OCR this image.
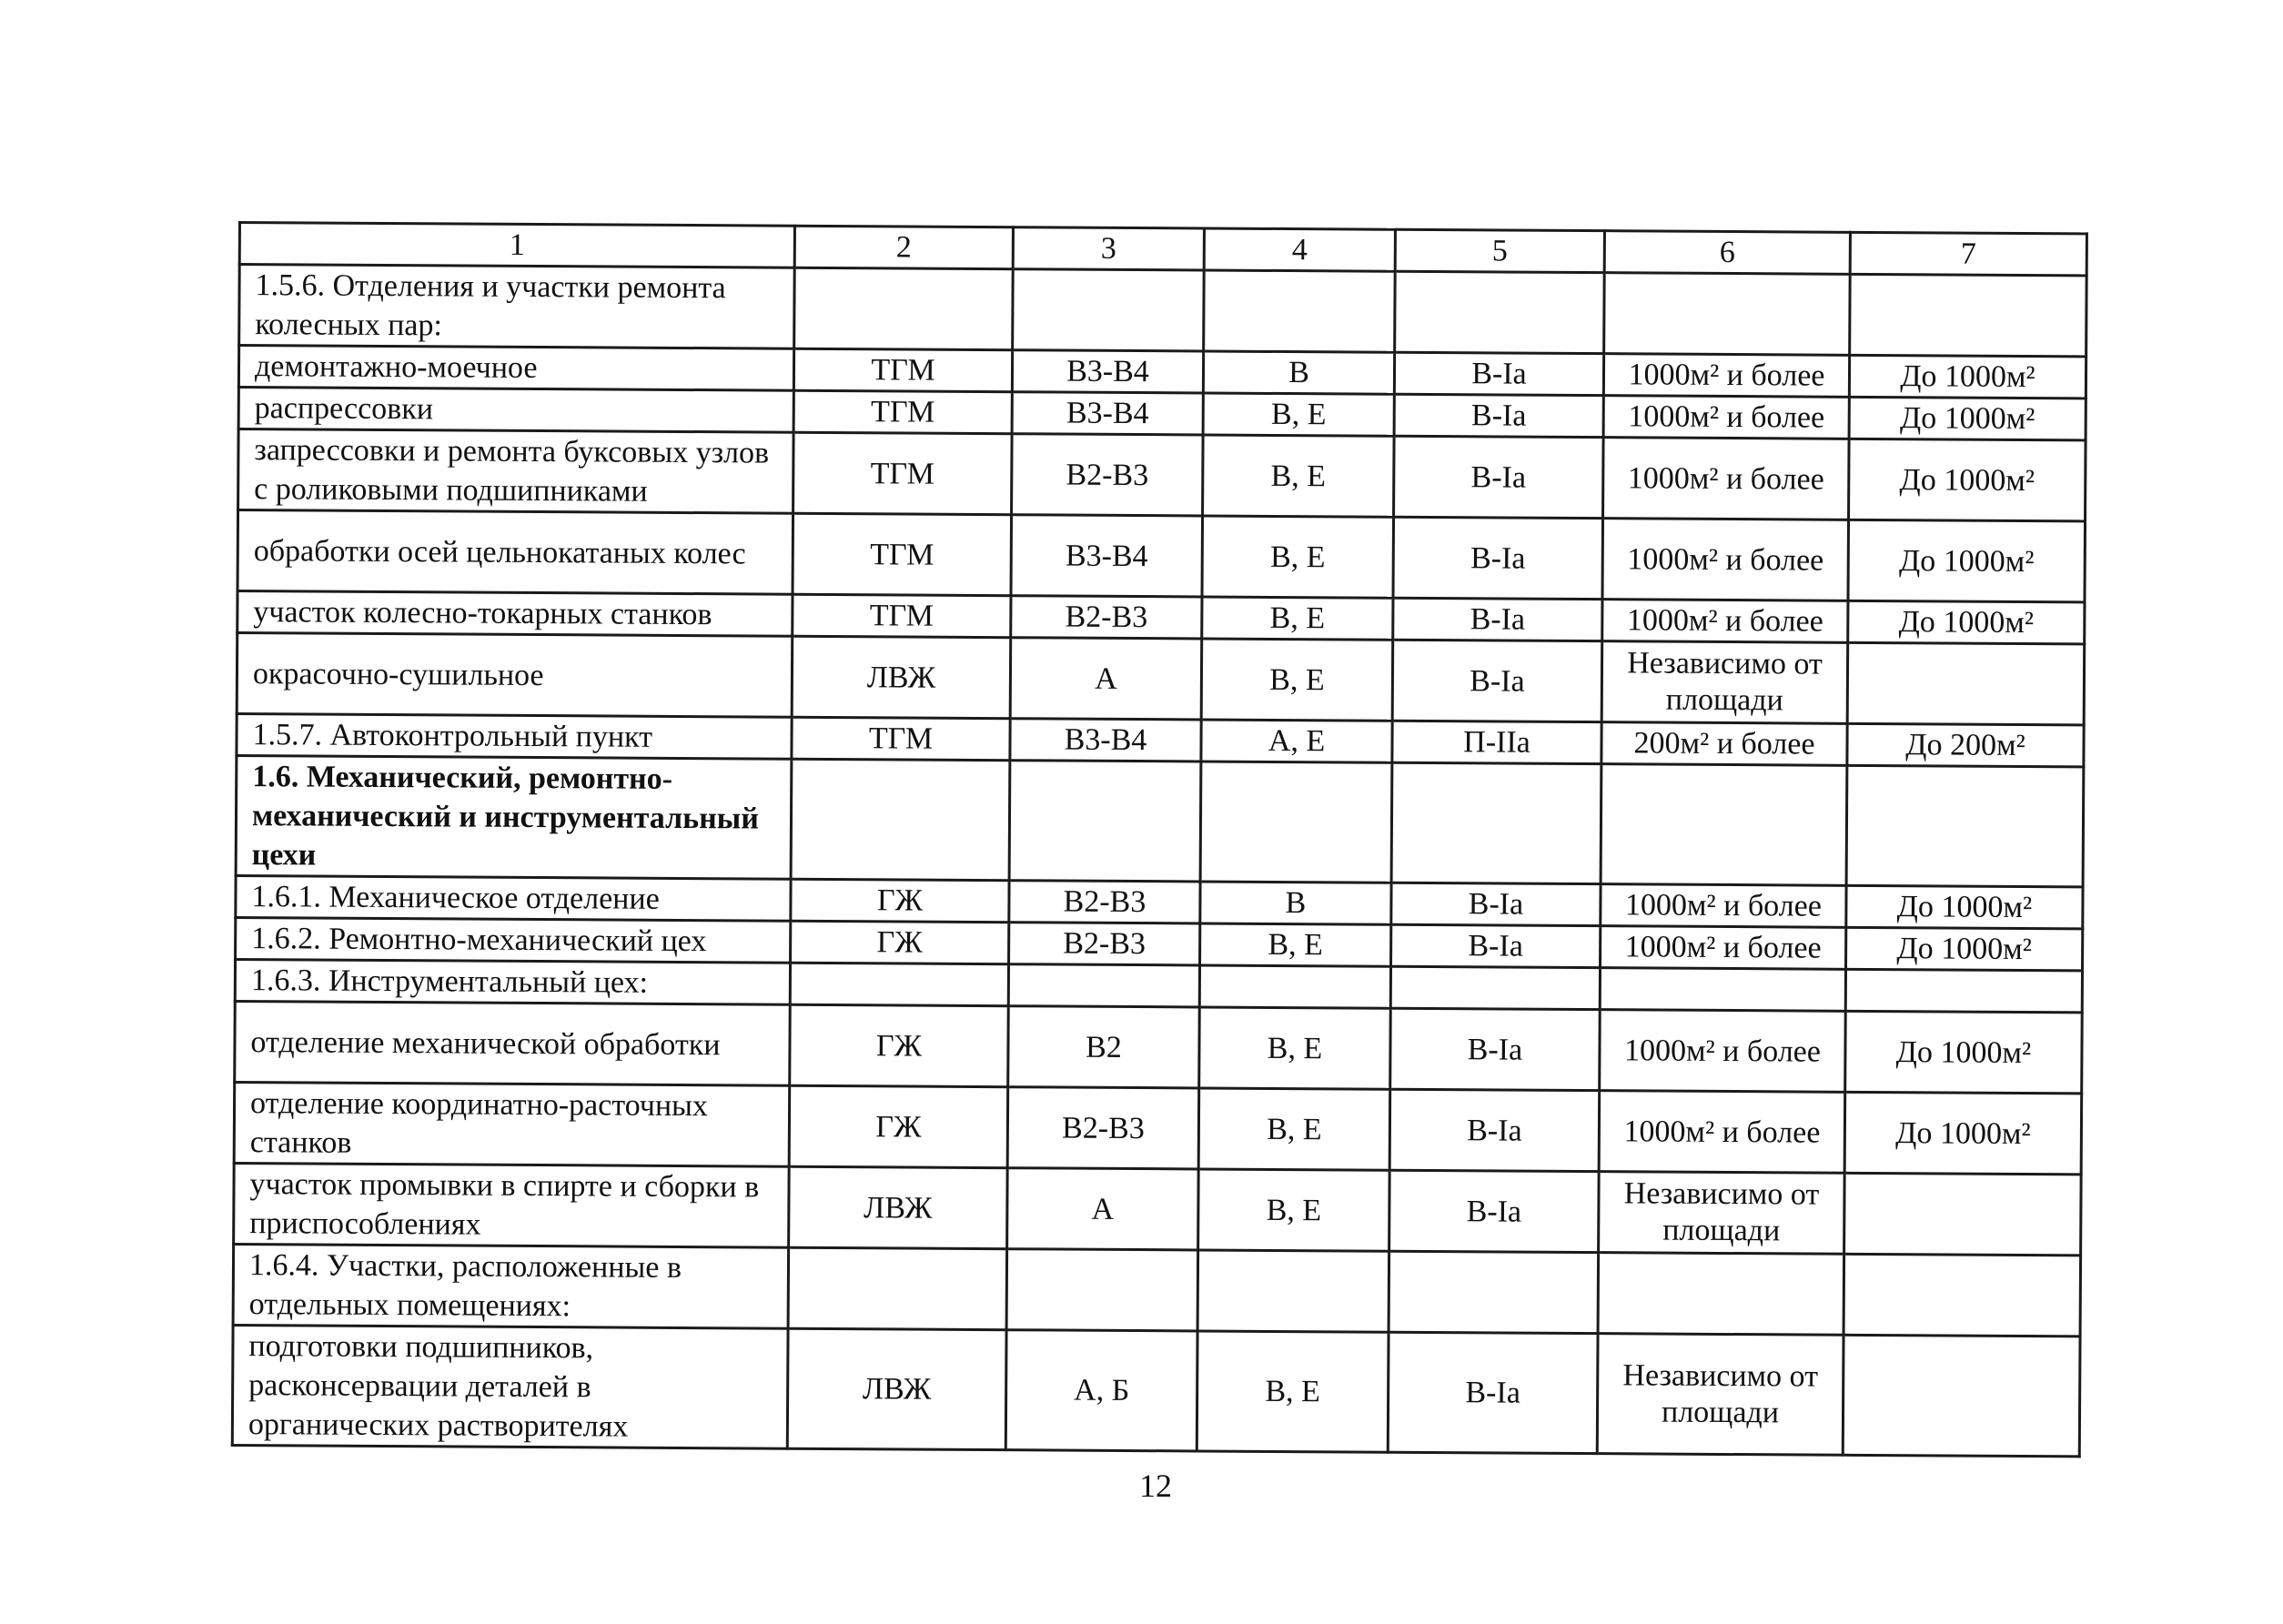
1	2	3	4	5	6	7
1.5.6. Отделения и участки ремонта колесных пар:						
демонтажно-моечное	ТГМ	В3-В4	В	В-Iа	1000м² и более	До 1000м²
распрессовки	ТГМ	В3-В4	В, Е	В-Iа	1000м² и более	До 1000м²
запрессовки и ремонта буксовых узлов с роликовыми подшипниками	ТГМ	В2-В3	В, Е	В-Iа	1000м² и более	До 1000м²
обработки осей цельнокатаных колес	ТГМ	В3-В4	В, Е	В-Iа	1000м² и более	До 1000м²
участок колесно-токарных станков	ТГМ	В2-В3	В, Е	В-Iа	1000м² и более	До 1000м²
окрасочно-сушильное	ЛВЖ	А	В, Е	В-Iа	Независимо от площади	
1.5.7. Автоконтрольный пункт	ТГМ	В3-В4	А, Е	П-IIа	200м² и более	До 200м²
1.6. Механический, ремонтно-механический и инструментальный цехи						
1.6.1. Механическое отделение	ГЖ	В2-В3	В	В-Iа	1000м² и более	До 1000м²
1.6.2. Ремонтно-механический цех	ГЖ	В2-В3	В, Е	В-Iа	1000м² и более	До 1000м²
1.6.3. Инструментальный цех:						
отделение механической обработки	ГЖ	В2	В, Е	В-Iа	1000м² и более	До 1000м²
отделение координатно-расточных станков	ГЖ	В2-В3	В, Е	В-Iа	1000м² и более	До 1000м²
участок промывки в спирте и сборки в приспособлениях	ЛВЖ	А	В, Е	В-Iа	Независимо от площади	
1.6.4. Участки, расположенные в отдельных помещениях:						
подготовки подшипников, расконсервации деталей в органических растворителях	ЛВЖ	А, Б	В, Е	В-Iа	Независимо от площади	
12
